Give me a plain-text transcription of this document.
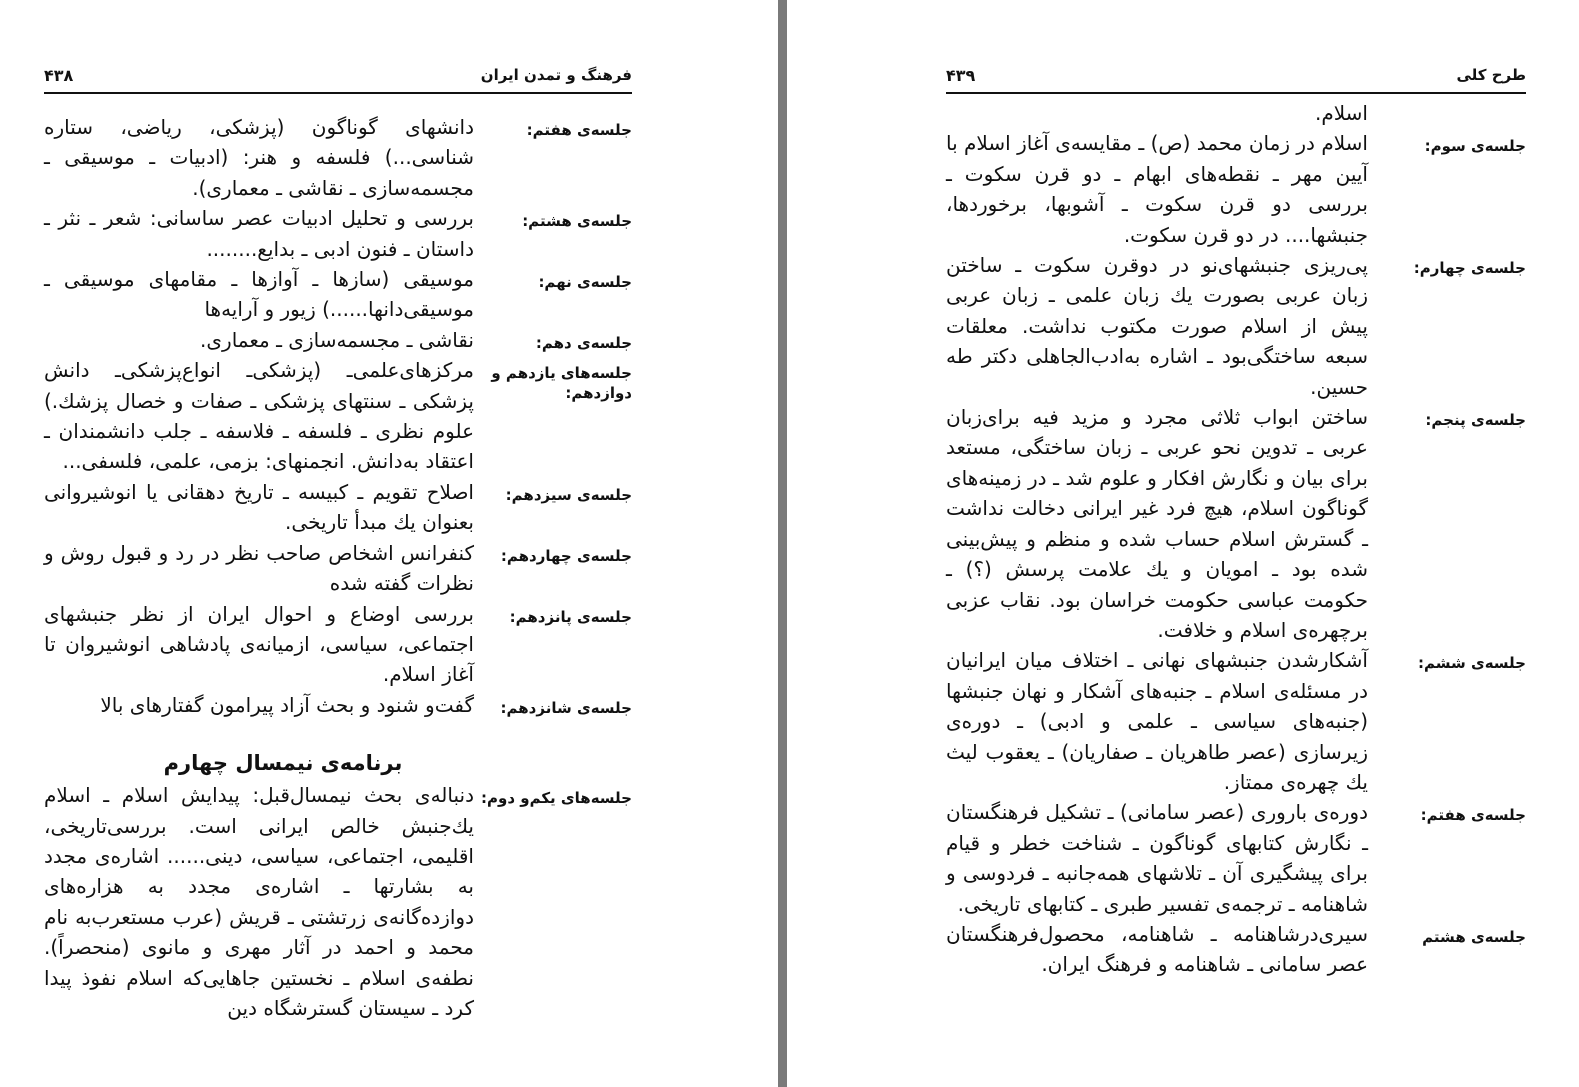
فرهنگ و تمدن ایران
۴۳۸
جلسه‌ی هفتم:
دانشهای گوناگون (پزشکی، ریاضی، ستاره شناسی...) فلسفه و هنر: (ادبیات ـ موسیقی ـ مجسمه‌سازی ـ نقاشی ـ معماری).
جلسه‌ی هشتم:
بررسی و تحلیل ادبیات عصر ساسانی: شعر ـ نثر ـ داستان ـ فنون ادبی ـ بدایع........
جلسه‌ی نهم:
موسیقی (سازها ـ آوازها ـ مقامهای موسیقی ـ موسیقی‌دانها......) زیور و آرایه‌ها
جلسه‌ی دهم:
نقاشی ـ مجسمه‌سازی ـ معماری.
جلسه‌های یازدهم و دوازدهم:
مرکزهای‌علمی‌ـ (پزشکی‌ـ انواع‌پزشکی‌ـ دانش پزشکی ـ سنتهای پزشکی ـ صفات و خصال پزشك.) علوم نظری ـ فلسفه ـ فلاسفه ـ جلب دانشمندان ـ اعتقاد به‌دانش. انجمنهای: بزمی، علمی، فلسفی...
جلسه‌ی سیزدهم:
اصلاح تقویم ـ کبیسه ـ تاریخ دهقانی یا انوشیروانی بعنوان یك مبدأ تاریخی.
جلسه‌ی چهاردهم:
کنفرانس اشخاص صاحب نظر در رد و قبول روش و نظرات گفته شده
جلسه‌ی پانزدهم:
بررسی اوضاع و احوال ایران از نظر جنبشهای اجتماعی، سیاسی، ازمیانه‌ی پادشاهی انوشیروان تا آغاز اسلام.
جلسه‌ی شانزدهم:
گفت‌و شنود و بحث آزاد پیرامون گفتارهای بالا
برنامه‌ی نیمسال چهارم
جلسه‌های یکم‌و دوم:
دنباله‌ی بحث نیمسال‌قبل: پیدایش اسلام ـ اسلام یك‌جنبش خالص ایرانی است. بررسی‌تاریخی، اقلیمی، اجتماعی، سیاسی، دینی...... اشاره‌ی مجدد به بشارتها ـ اشاره‌ی مجدد به هزاره‌های دوازده‌گانه‌ی زرتشتی ـ قریش (عرب مستعرب‌به نام محمد و احمد در آثار مهری و مانوی (منحصراً). نطفه‌ی اسلام ـ نخستین جاهایی‌که اسلام نفوذ پیدا کرد ـ سیستان گسترشگاه دین
طرح کلی
۴۳۹
اسلام.
جلسه‌ی سوم:
اسلام در زمان محمد (ص) ـ مقایسه‌ی آغاز اسلام با آیین مهر ـ نقطه‌های ابهام ـ دو قرن سکوت ـ بررسی دو قرن سکوت ـ آشوبها، برخوردها، جنبشها.... در دو قرن سکوت.
جلسه‌ی چهارم:
پی‌ریزی جنبشهای‌نو در دوقرن سکوت ـ ساختن زبان عربی بصورت یك زبان علمی ـ زبان عربی پیش از اسلام صورت مکتوب نداشت. معلقات سبعه ساختگی‌بود ـ اشاره به‌ادب‌الجاهلی دکتر طه حسین.
جلسه‌ی پنجم:
ساختن ابواب ثلاثی مجرد و مزید فیه برای‌زبان عربی ـ تدوین نحو عربی ـ زبان ساختگی، مستعد برای بیان و نگارش افکار و علوم شد ـ در زمینه‌های گوناگون اسلام، هیچ فرد غیر ایرانی دخالت نداشت ـ گسترش اسلام حساب شده و منظم و پیش‌بینی شده بود ـ امویان و یك علامت پرسش (؟) ـ حکومت عباسی حکومت خراسان بود. نقاب عزبی برچهره‌ی اسلام و خلافت.
جلسه‌ی ششم:
آشکارشدن جنبشهای نهانی ـ اختلاف میان ایرانیان در مسئله‌ی اسلام ـ جنبه‌های آشکار و نهان جنبشها (جنبه‌های سیاسی ـ علمی و ادبی) ـ دوره‌ی زیرسازی (عصر طاهریان ـ صفاریان) ـ یعقوب لیث یك چهره‌ی ممتاز.
جلسه‌ی هفتم:
دوره‌ی باروری (عصر سامانی) ـ تشکیل فرهنگستان ـ نگارش کتابهای گوناگون ـ شناخت خطر و قیام برای پیشگیری آن ـ تلاشهای همه‌جانبه ـ فردوسی و شاهنامه ـ ترجمه‌ی تفسیر طبری ـ کتابهای تاریخی.
جلسه‌ی هشتم
سیری‌در‌شاهنامه ـ شاهنامه، محصول‌فرهنگستان عصر سامانی ـ شاهنامه و فرهنگ ایران.
